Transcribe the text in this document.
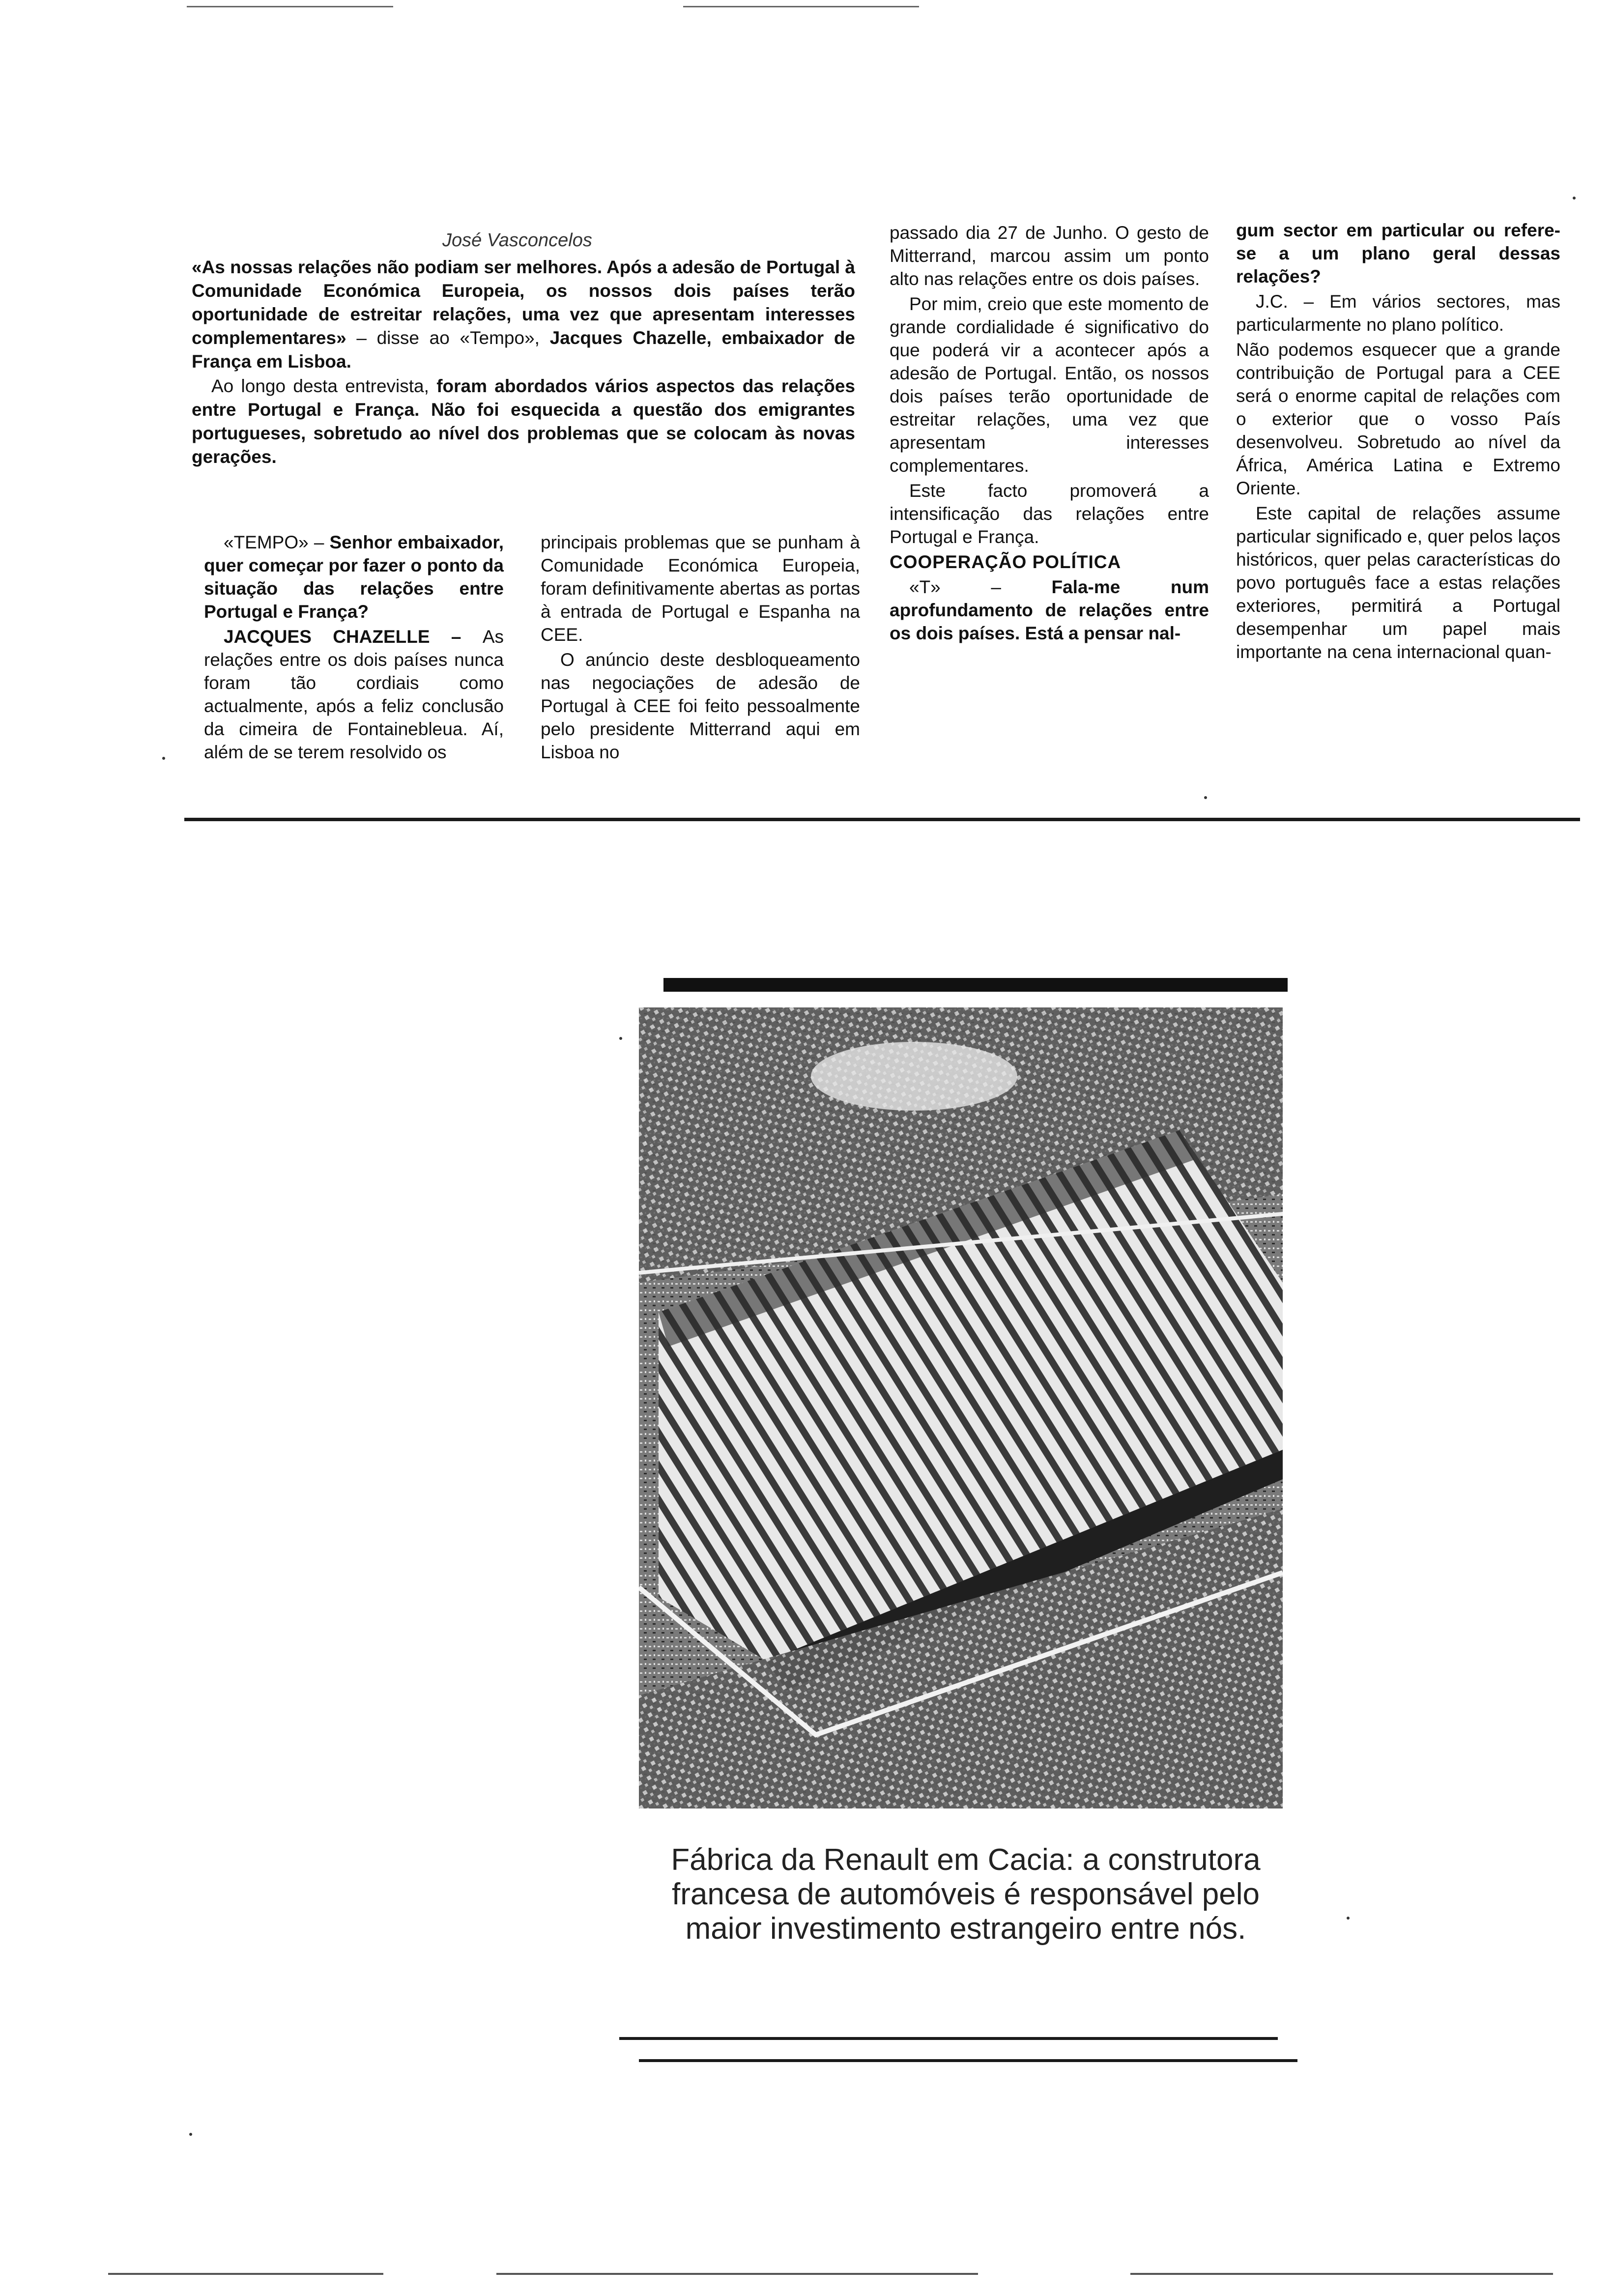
José Vasconcelos

«As nossas relações não podiam ser melhores. Após a adesão de Portugal à Comunidade Económica Europeia, os nossos dois países terão oportunidade de estreitar relações, uma vez que apresentam interesses complementares» – disse ao «Tempo», Jacques Chazelle, embaixador de França em Lisboa.

Ao longo desta entrevista, foram abordados vários aspectos das relações entre Portugal e França. Não foi esquecida a questão dos emigrantes portugueses, sobretudo ao nível dos problemas que se colocam às novas gerações.

«TEMPO» – Senhor embaixador, quer começar por fazer o ponto da situação das relações entre Portugal e França?

JACQUES CHAZELLE – As relações entre os dois países nunca foram tão cordiais como actualmente, após a feliz conclusão da cimeira de Fontainebleua. Aí, além de se terem resolvido os

principais problemas que se punham à Comunidade Económica Europeia, foram definitivamente abertas as portas à entrada de Portugal e Espanha na CEE.

O anúncio deste desbloqueamento nas negociações de adesão de Portugal à CEE foi feito pessoalmente pelo presidente Mitterrand aqui em Lisboa no

passado dia 27 de Junho. O gesto de Mitterrand, marcou assim um ponto alto nas relações entre os dois países.

Por mim, creio que este momento de grande cordialidade é significativo do que poderá vir a acontecer após a adesão de Portugal. Então, os nossos dois países terão oportunidade de estreitar relações, uma vez que apresentam interesses complementares.

Este facto promoverá a intensificação das relações entre Portugal e França.

COOPERAÇÃO POLÍTICA

«T» – Fala-me num aprofundamento de relações entre os dois países. Está a pensar nal-

gum sector em particular ou refere-se a um plano geral dessas relações?

J.C. – Em vários sectores, mas particularmente no plano político.

Não podemos esquecer que a grande contribuição de Portugal para a CEE será o enorme capital de relações com o exterior que o vosso País desenvolveu. Sobretudo ao nível da África, América Latina e Extremo Oriente.

Este capital de relações assume particular significado e, quer pelos laços históricos, quer pelas características do povo português face a estas relações exteriores, permitirá a Portugal desempenhar um papel mais importante na cena internacional quan-

Fábrica da Renault em Cacia: a construtora francesa de automóveis é responsável pelo maior investimento estrangeiro entre nós.
